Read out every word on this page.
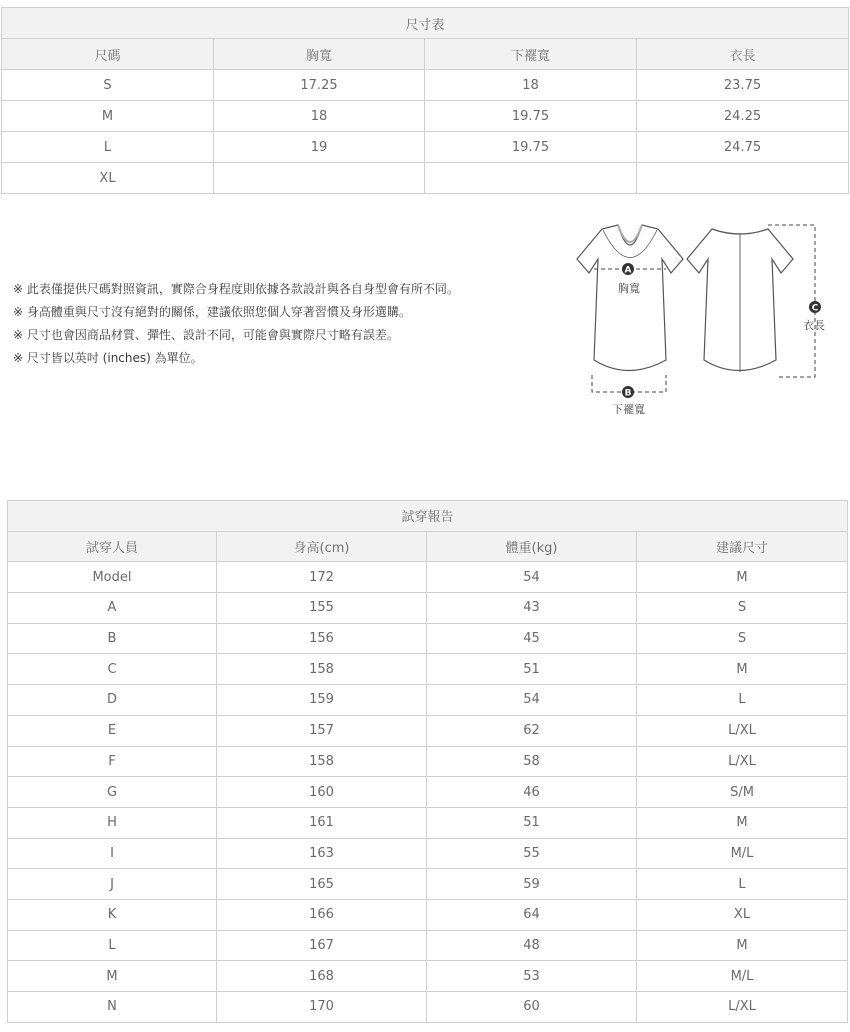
尺寸表			
尺碼	胸寬	下襬寬	衣長
S	17.25	18	23.75
M	18	19.75	24.25
L	19	19.75	24.75
XL			
※ 此表僅提供尺碼對照資訊，實際合身程度則依據各款設計與各自身型會有所不同。
※ 身高體重與尺寸沒有絕對的關係，建議依照您個人穿著習慣及身形選購。
※ 尺寸也會因商品材質、彈性、設計不同，可能會與實際尺寸略有誤差。
※ 尺寸皆以英吋 (inches) 為單位。
A
胸寬
B
下襬寬
C
衣長
試穿報告			
試穿人員	身高(cm)	體重(kg)	建議尺寸
Model	172	54	M
A	155	43	S
B	156	45	S
C	158	51	M
D	159	54	L
E	157	62	L/XL
F	158	58	L/XL
G	160	46	S/M
H	161	51	M
I	163	55	M/L
J	165	59	L
K	166	64	XL
L	167	48	M
M	168	53	M/L
N	170	60	L/XL
